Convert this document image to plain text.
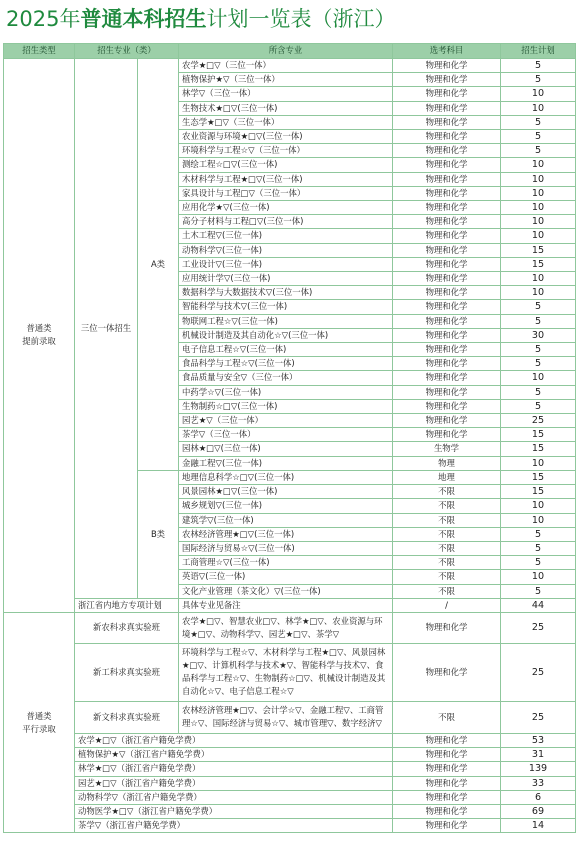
2025年普通本科招生计划一览表（浙江）
招生类型	招生专业（类）		所含专业	选考科目	招生计划
普通类
提前录取	三位一体招生	A类	农学★□▽（三位一体）	物理和化学	5
			植物保护★▽（三位一体）	物理和化学	5
			林学▽（三位一体）	物理和化学	10
			生物技术★□▽(三位一体)	物理和化学	10
			生态学★□▽（三位一体）	物理和化学	5
			农业资源与环境★□▽(三位一体)	物理和化学	5
			环境科学与工程☆▽（三位一体）	物理和化学	5
			测绘工程☆□▽(三位一体)	物理和化学	10
			木材科学与工程★□▽(三位一体)	物理和化学	10
			家具设计与工程□▽（三位一体）	物理和化学	10
			应用化学★▽(三位一体)	物理和化学	10
			高分子材料与工程□▽(三位一体)	物理和化学	10
			土木工程▽(三位一体)	物理和化学	10
			动物科学▽(三位一体)	物理和化学	15
			工业设计▽(三位一体)	物理和化学	15
			应用统计学▽(三位一体)	物理和化学	10
			数据科学与大数据技术▽(三位一体)	物理和化学	10
			智能科学与技术▽(三位一体)	物理和化学	5
			物联网工程☆▽(三位一体)	物理和化学	5
			机械设计制造及其自动化☆▽(三位一体)	物理和化学	30
			电子信息工程☆▽(三位一体)	物理和化学	5
			食品科学与工程☆▽(三位一体)	物理和化学	5
			食品质量与安全▽（三位一体）	物理和化学	10
			中药学☆▽(三位一体)	物理和化学	5
			生物制药☆□▽(三位一体)	物理和化学	5
			园艺★▽（三位一体）	物理和化学	25
			茶学▽（三位一体）	物理和化学	15
			园林★□▽(三位一体)	生物学	15
			金融工程▽(三位一体)	物理	10
		B类	地理信息科学☆□▽(三位一体)	地理	15
			风景园林★□▽(三位一体)	不限	15
			城乡规划▽(三位一体)	不限	10
			建筑学▽(三位一体)	不限	10
			农林经济管理★□▽(三位一体)	不限	5
			国际经济与贸易☆▽(三位一体)	不限	5
			工商管理☆▽(三位一体)	不限	5
			英语▽(三位一体)	不限	10
			文化产业管理（茶文化）▽(三位一体)	不限	5
	浙江省内地方专项计划		具体专业见备注	/	44
普通类
平行录取	新农科求真实验班		农学★□▽、智慧农业□▽、林学★□▽、农业资源与环境★□▽、动物科学▽、园艺★□▽、茶学▽	物理和化学	25
	新工科求真实验班		环境科学与工程☆▽、木材科学与工程★□▽、风景园林★□▽、计算机科学与技术★▽、智能科学与技术▽、食品科学与工程☆▽、生物制药☆□▽、机械设计制造及其自动化☆▽、电子信息工程☆▽	物理和化学	25
	新文科求真实验班		农林经济管理★□▽、会计学☆▽、金融工程▽、工商管理☆▽、国际经济与贸易☆▽、城市管理▽、数字经济▽	不限	25
	农学★□▽（浙江省户籍免学费）			物理和化学	53
	植物保护★▽（浙江省户籍免学费）			物理和化学	31
	林学★□▽（浙江省户籍免学费）			物理和化学	139
	园艺★□▽（浙江省户籍免学费）			物理和化学	33
	动物科学▽（浙江省户籍免学费）			物理和化学	6
	动物医学★□▽（浙江省户籍免学费）			物理和化学	69
	茶学▽（浙江省户籍免学费）			物理和化学	14
